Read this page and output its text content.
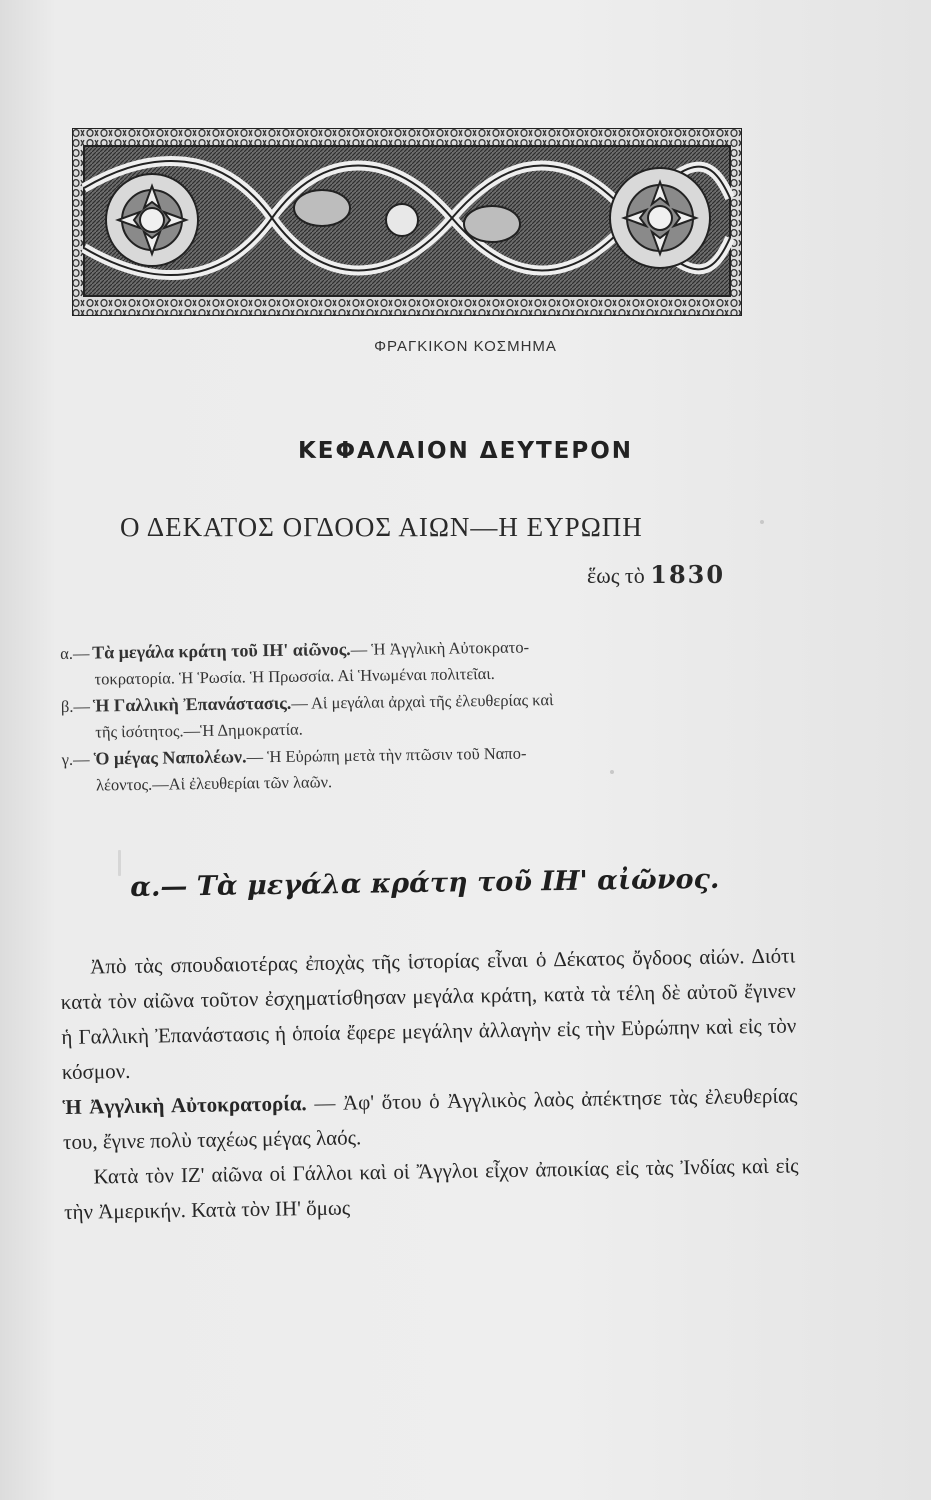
ΦΡΑΓΚΙΚΟΝ ΚΟΣΜΗΜΑ
ΚΕΦΑΛΑΙΟΝ ΔΕΥΤΕΡΟΝ
Ο ΔΕΚΑΤΟΣ ΟΓΔΟΟΣ ΑΙΩΝ—Η ΕΥΡΩΠΗ
ἕως τὸ 1830

α.— Τὰ μεγάλα κράτη τοῦ ΙΗ' αἰῶνος.— Ἡ Ἀγγλικὴ Αὐτοκρατο-
τοκρατορία. Ἡ Ῥωσία. Ἡ Πρωσσία. Αἱ Ἡνωμέναι πολιτεῖαι.

β.— Ἡ Γαλλικὴ Ἐπανάστασις.— Αἱ μεγάλαι ἀρχαὶ τῆς ἐλευθερίας καὶ
τῆς ἰσότητος.—Ἡ Δημοκρατία.

γ.— Ὁ μέγας Ναπολέων.— Ἡ Εὐρώπη μετὰ τὴν πτῶσιν τοῦ Ναπο-
λέοντος.—Αἱ ἐλευθερίαι τῶν λαῶν.

α.— Τὰ μεγάλα κράτη τοῦ ΙΗ' αἰῶνος.

Ἀπὸ τὰς σπουδαιοτέρας ἐποχὰς τῆς ἱστορίας εἶναι ὁ Δέκατος ὄγδοος αἰών. Διότι κατὰ τὸν αἰῶνα τοῦτον ἐσχηματίσθησαν μεγάλα κράτη, κατὰ τὰ τέλη δὲ αὐτοῦ ἔγινεν ἡ Γαλλικὴ Ἐπανάστασις ἡ ὁποία ἔφερε μεγάλην ἀλλαγὴν εἰς τὴν Εὐρώπην καὶ εἰς τὸν κόσμον.

Ἡ Ἀγγλικὴ Αὐτοκρατορία. — Ἀφ' ὅτου ὁ Ἀγγλικὸς λαὸς ἀπέκτησε τὰς ἐλευθερίας του, ἔγινε πολὺ ταχέως μέγας λαός.

Κατὰ τὸν ΙΖ' αἰῶνα οἱ Γάλλοι καὶ οἱ Ἄγγλοι εἶχον ἀποικίας εἰς τὰς Ἰνδίας καὶ εἰς τὴν Ἀμερικήν. Κατὰ τὸν ΙΗ' ὅμως
